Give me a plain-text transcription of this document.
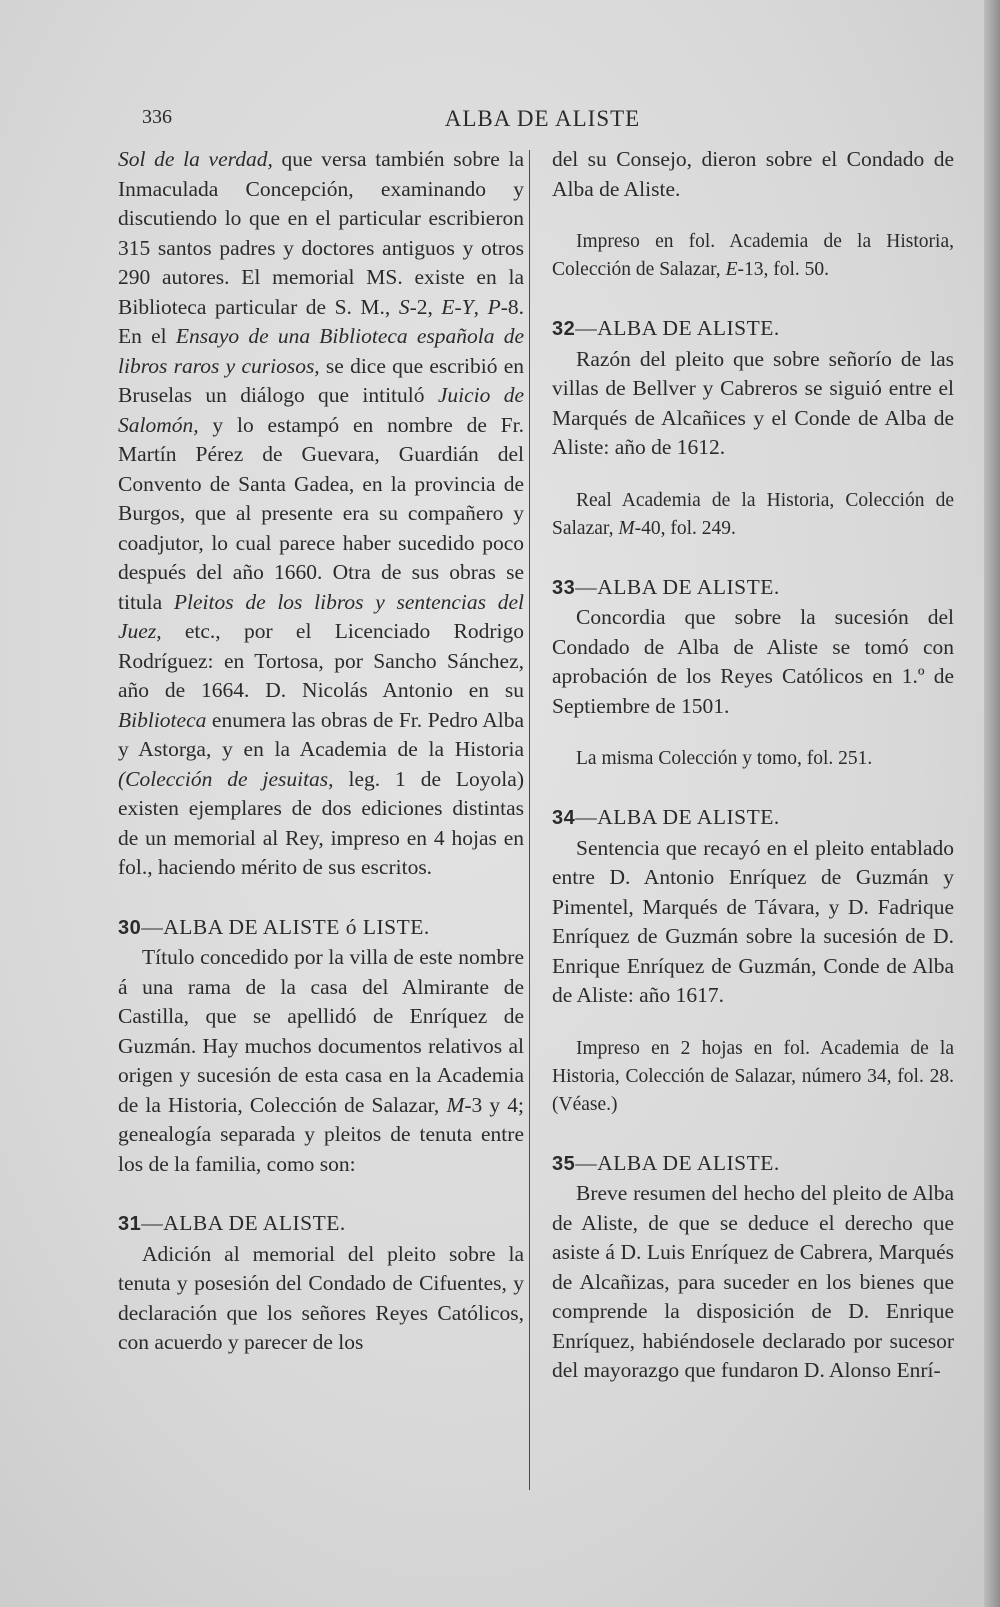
336	ALBA DE ALISTE

Sol de la verdad, que versa también sobre la Inmaculada Concepción, examinando y discutiendo lo que en el particular escribieron 315 santos padres y doctores antiguos y otros 290 autores. El memorial MS. existe en la Biblioteca particular de S. M., S-2, E-Y, P-8. En el Ensayo de una Biblioteca española de libros raros y curiosos, se dice que escribió en Bruselas un diálogo que intituló Juicio de Salomón, y lo estampó en nombre de Fr. Martín Pérez de Guevara, Guardián del Convento de Santa Gadea, en la provincia de Burgos, que al presente era su compañero y coadjutor, lo cual parece haber sucedido poco después del año 1660. Otra de sus obras se titula Pleitos de los libros y sentencias del Juez, etc., por el Licenciado Rodrigo Rodríguez: en Tortosa, por Sancho Sánchez, año de 1664. D. Nicolás Antonio en su Biblioteca enumera las obras de Fr. Pedro Alba y Astorga, y en la Academia de la Historia (Colección de jesuitas, leg. 1 de Loyola) existen ejemplares de dos ediciones distintas de un memorial al Rey, impreso en 4 hojas en fol., haciendo mérito de sus escritos.

30—ALBA DE ALISTE ó LISTE.

Título concedido por la villa de este nombre á una rama de la casa del Almirante de Castilla, que se apellidó de Enríquez de Guzmán. Hay muchos documentos relativos al origen y sucesión de esta casa en la Academia de la Historia, Colección de Salazar, M-3 y 4; genealogía separada y pleitos de tenuta entre los de la familia, como son:

31—ALBA DE ALISTE.

Adición al memorial del pleito sobre la tenuta y posesión del Condado de Cifuentes, y declaración que los señores Reyes Católicos, con acuerdo y parecer de los

del su Consejo, dieron sobre el Condado de Alba de Aliste.

Impreso en fol. Academia de la Historia, Colección de Salazar, E-13, fol. 50.

32—ALBA DE ALISTE.

Razón del pleito que sobre señorío de las villas de Bellver y Cabreros se siguió entre el Marqués de Alcañices y el Conde de Alba de Aliste: año de 1612.

Real Academia de la Historia, Colección de Salazar, M-40, fol. 249.

33—ALBA DE ALISTE.

Concordia que sobre la sucesión del Condado de Alba de Aliste se tomó con aprobación de los Reyes Católicos en 1.º de Septiembre de 1501.

La misma Colección y tomo, fol. 251.

34—ALBA DE ALISTE.

Sentencia que recayó en el pleito entablado entre D. Antonio Enríquez de Guzmán y Pimentel, Marqués de Távara, y D. Fadrique Enríquez de Guzmán sobre la sucesión de D. Enrique Enríquez de Guzmán, Conde de Alba de Aliste: año 1617.

Impreso en 2 hojas en fol. Academia de la Historia, Colección de Salazar, número 34, fol. 28. (Véase.)

35—ALBA DE ALISTE.

Breve resumen del hecho del pleito de Alba de Aliste, de que se deduce el derecho que asiste á D. Luis Enríquez de Cabrera, Marqués de Alcañizas, para suceder en los bienes que comprende la disposición de D. Enrique Enríquez, habiéndosele declarado por sucesor del mayorazgo que fundaron D. Alonso Enrí-
